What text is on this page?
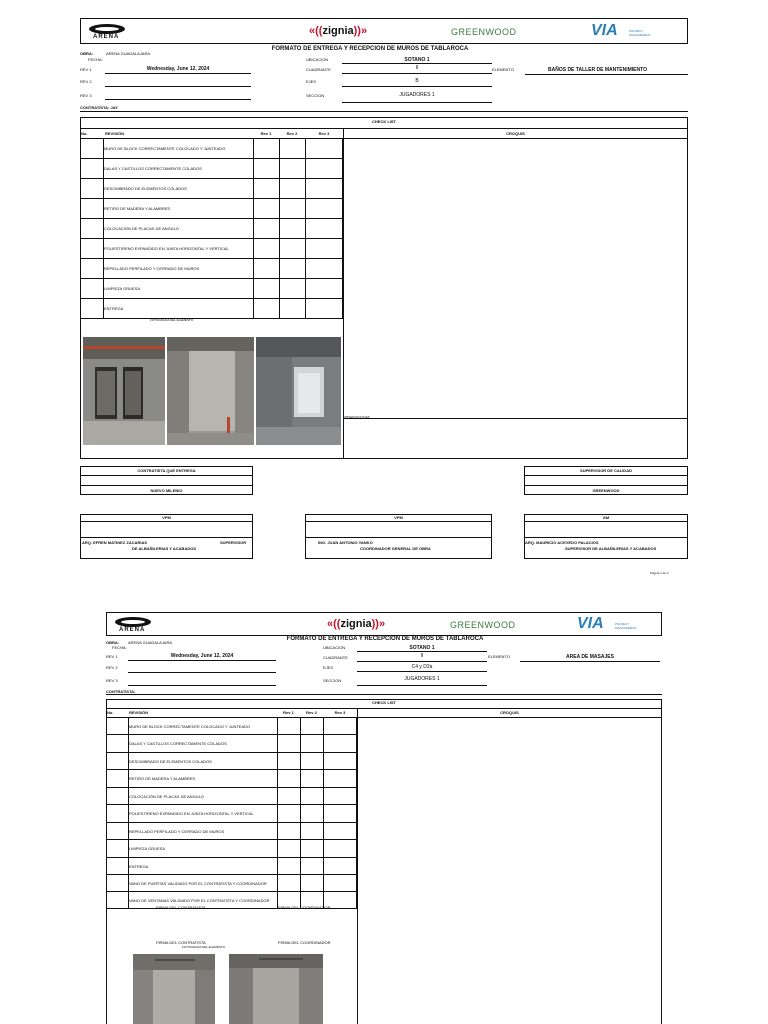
ARENA	«((zignia))»	GREENWOOD	VIA	PROJECT
MANAGEMENT
FORMATO DE ENTREGA Y RECEPCION DE MUROS DE TABLAROCA
OBRA:	ARENA GUADALAJARA
FECHA:
REV 1	Wednesday, June 12, 2024
REV 2
REV 3
UBICACION	SOTANO 1
CUADRANTE	II
EJES	B
SECCION	JUGADORES 1
ELEMENTO	BAÑOS DE TALLER DE MANTENIMIENTO
CONTRATISTA: JAY
CHECK LIST
No.	REVISIÓN	Rev 1	Rev 2	Rev 3	CROQUIS
OBSERVACIONES
MURO DE BLOCK CORRECTAMENTE COLOCADO Y JUNTEADO
DALAS Y CASTILLOS CORRECTAMENTE COLADOS
DESCIMBRADO DE ELEMENTOS COLADOS
RETIRO DE MADERA Y ALAMBRES
COLOCACIÓN DE PLACAS DE ANGULO
POLIESTIRENO EXPANDIDO EN JUNTA HORIZONTAL Y VERTICAL
REPELLADO PERFILADO Y CERRADO DE MUROS
LIMPIEZA GRUESA
ENTREGA
FOTOGRAFÍA DEL ELEMENTO
CONTRATISTA QUE ENTREGA
NUEVO MILENIO
SUPERVISOR DE CALIDAD
GREENWOOD
VPM
ARQ. EFREN MATINEZ ZACARIAS	SUPERVISOR
DE ALBAÑILERIAS Y ACABADOS
VPM
ING. JUAN ANTONIO YANKO
COORDINADOR GENERAL DE OBRA
GM
ARQ. MAURICIO ACEVEDO PALACIOS
SUPERVISOR DE ALBAÑILERIAS Y ACABADOS
Página 1 de 4
ARENA	«((zignia))»	GREENWOOD	VIA	PROJECT
MANAGEMENT
FORMATO DE ENTREGA Y RECEPCION DE MUROS DE TABLAROCA
OBRA: ARENA GUADALAJARA
FECHA:
REV 1	Wednesday, June 12, 2024
REV 2
REV 3
UBICACION	SOTANO 1
CUADRANTE	II
EJES	C4 y D2a
SECCION	JUGADORES 1
ELEMENTO	AREA DE MASAJES
CONTRATISTA:
CHECK LIST
No.	REVISIÓN	Rev 1	Rev 2	Rev 3	CROQUIS
MURO DE BLOCK CORRECTAMENTE COLOCADO Y JUNTEADO
DALAS Y CASTILLOS CORRECTAMENTE COLADOS
DESCIMBRADO DE ELEMENTOS COLADOS
RETIRO DE MADERA Y ALAMBRES
COLOCACIÓN DE PLACAS DE ANGULO
POLIESTIRENO EXPANDIDO EN JUNTA HORIZONTAL Y VERTICAL
REPELLADO PERFILADO Y CERRADO DE MUROS
LIMPIEZA GRUESA
ENTREGA
VANO DE PUERTAS VALIDADO POR EL CONTRATISTA Y COORDINADOR
VANO DE VENTANAS VALIDADO POR EL CONTRATISTA Y COORDINADOR
FIRMA DEL CONTRATISTA	FIRMA DEL COORDINADOR
FIRMA DEL CONTRATISTA	FIRMA DEL COORDINADOR
FOTOGRAFÍA DEL ELEMENTO
